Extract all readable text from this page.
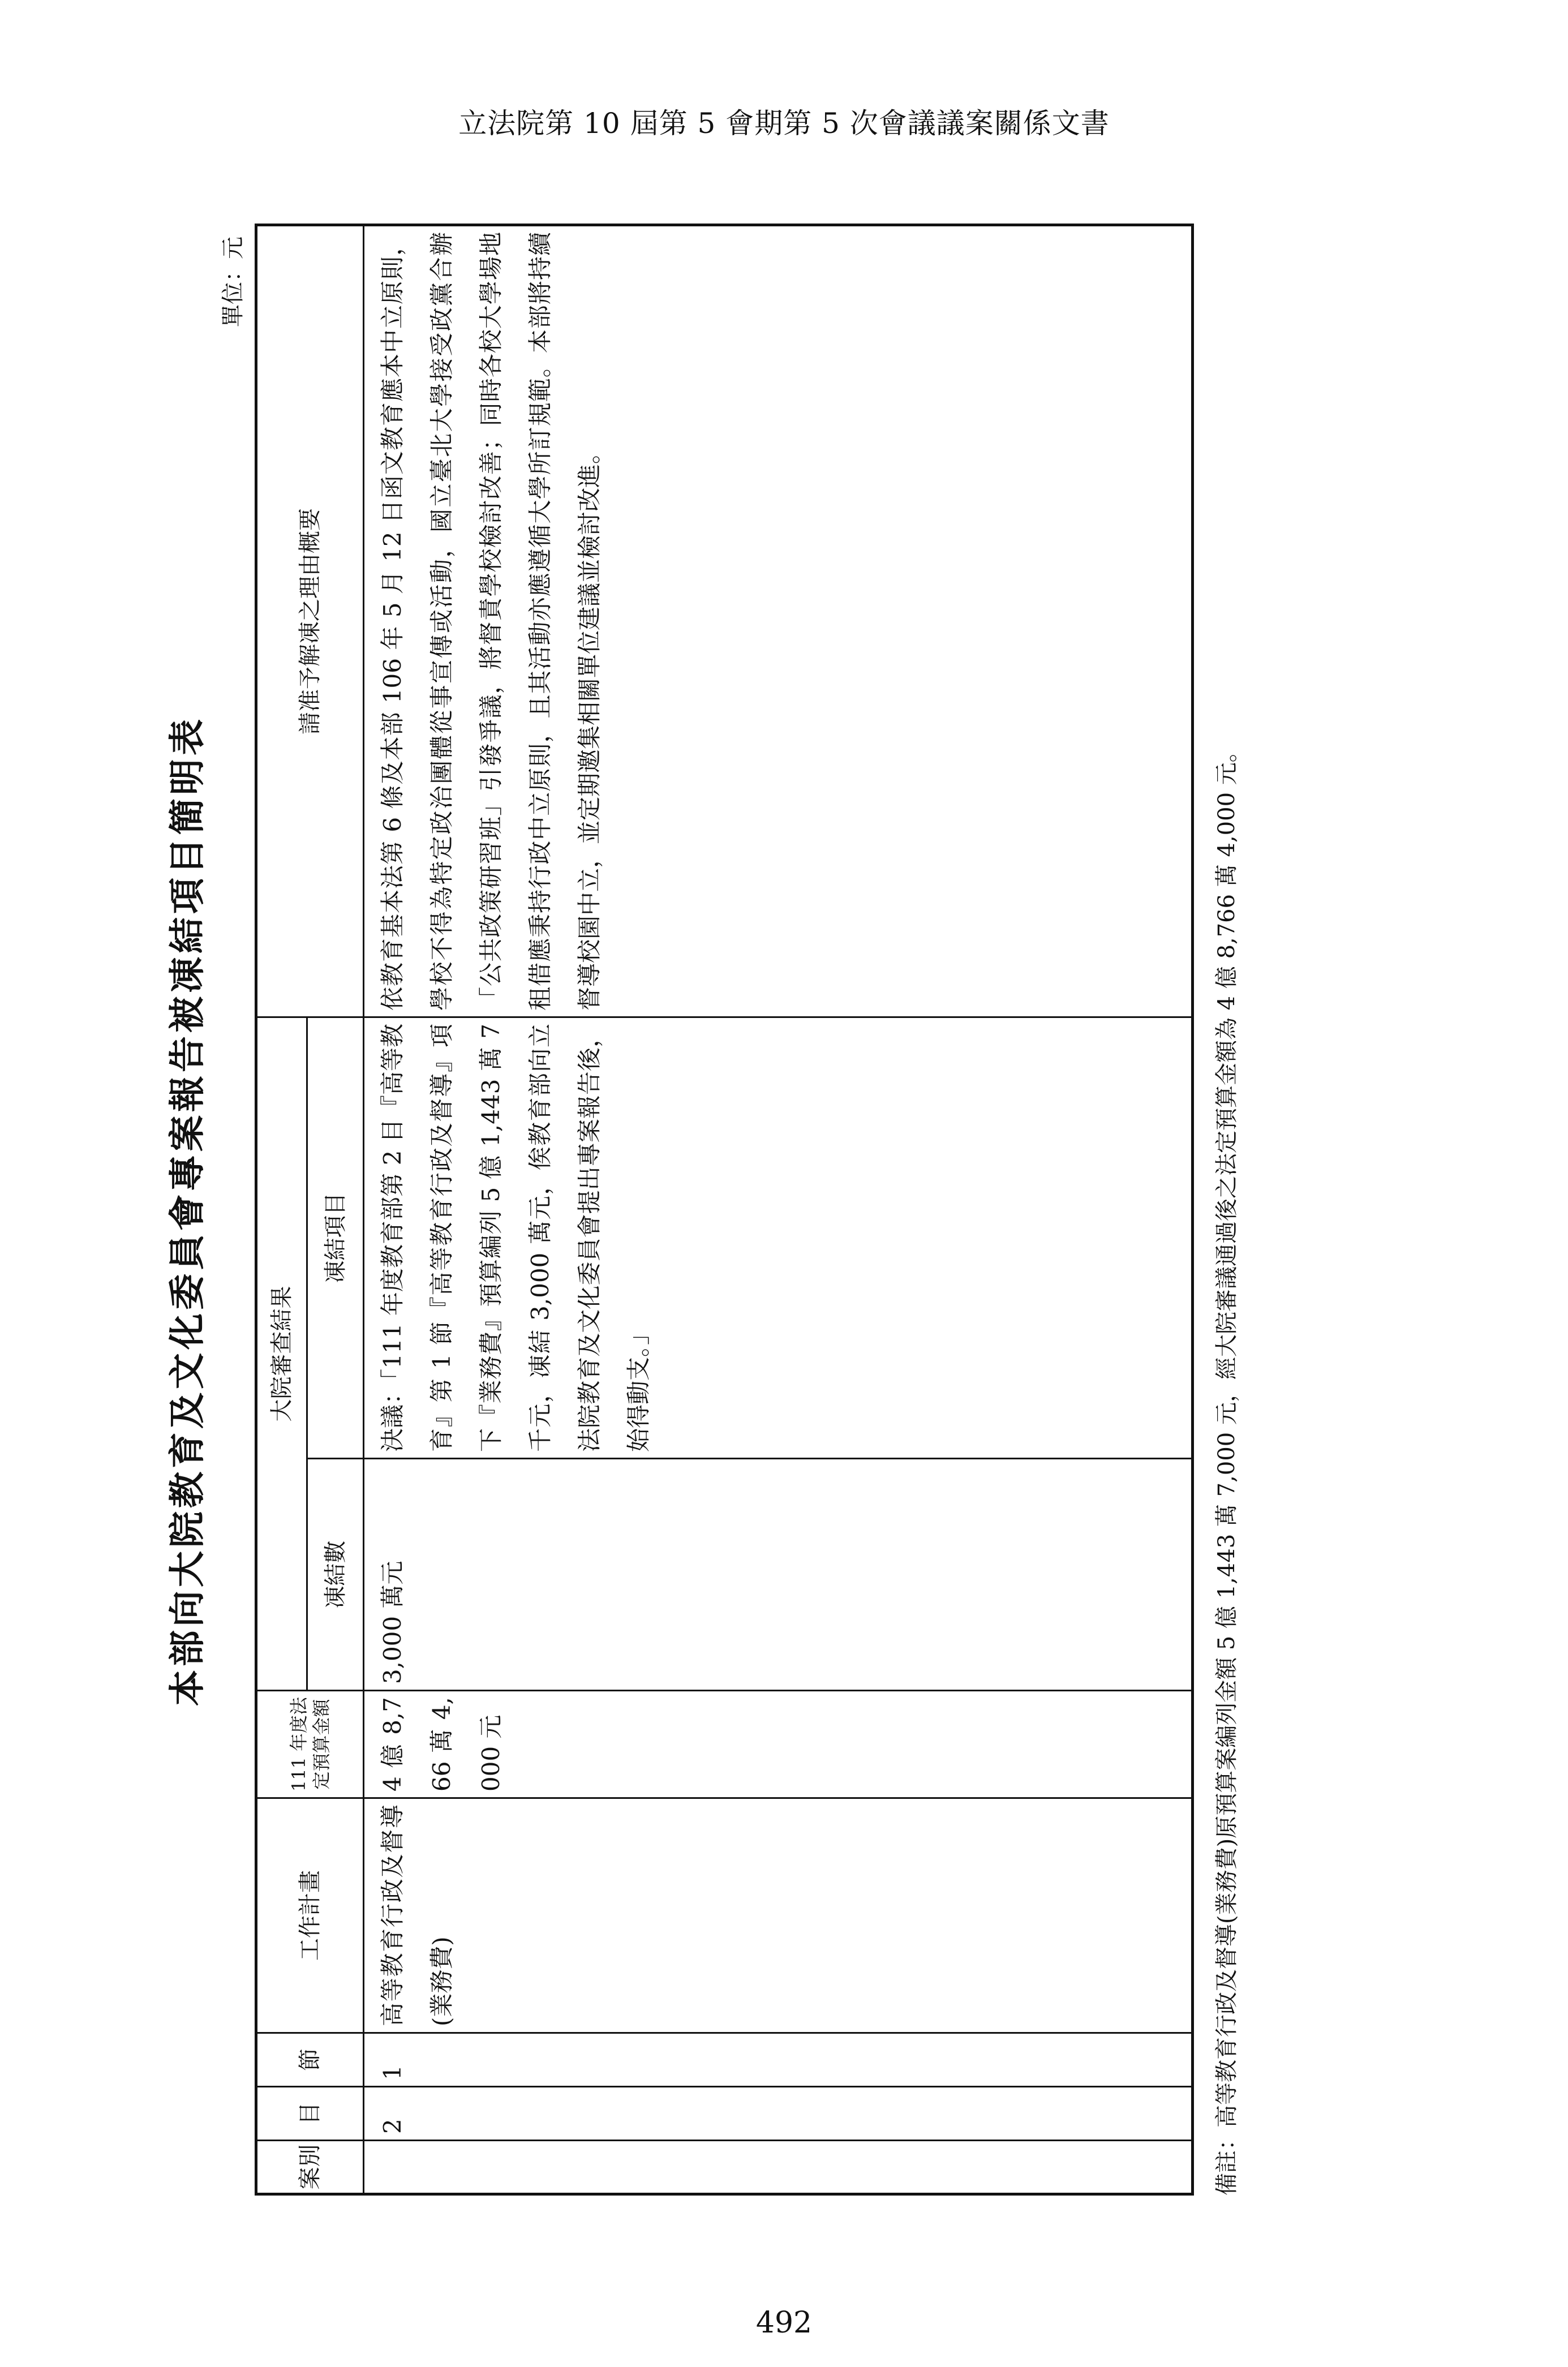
立法院第 10 屆第 5 會期第 5 次會議議案關係文書
本部向大院教育及文化委員會專案報告被凍結項目簡明表
單位：元
案別	目	節	工作計畫	111 年度法定預算金額	大院審查結果		請准予解凍之理由概要
					凍結數	凍結項目	
	2	1	高等教育行政及督導(業務費)	4 億 8,766 萬 4,000 元	3,000 萬元	決議：「111 年度教育部第 2 目『高等教育』第 1 節『高等教育行政及督導』項下『業務費』預算編列 5 億 1,443 萬 7 千元，凍結 3,000 萬元，俟教育部向立法院教育及文化委員會提出專案報告後，始得動支。」	依教育基本法第 6 條及本部 106 年 5 月 12 日函文教育應本中立原則，學校不得為特定政治團體從事宣傳或活動，國立臺北大學接受政黨合辦「公共政策研習班」引發爭議，將督責學校檢討改善；同時各校大學場地租借應秉持行政中立原則，且其活動亦應遵循大學所訂規範。本部將持續督導校園中立，並定期邀集相關單位建議並檢討改進。
備註：高等教育行政及督導(業務費)原預算案編列金額 5 億 1,443 萬 7,000 元，經大院審議通過後之法定預算金額為 4 億 8,766 萬 4,000 元。
492
